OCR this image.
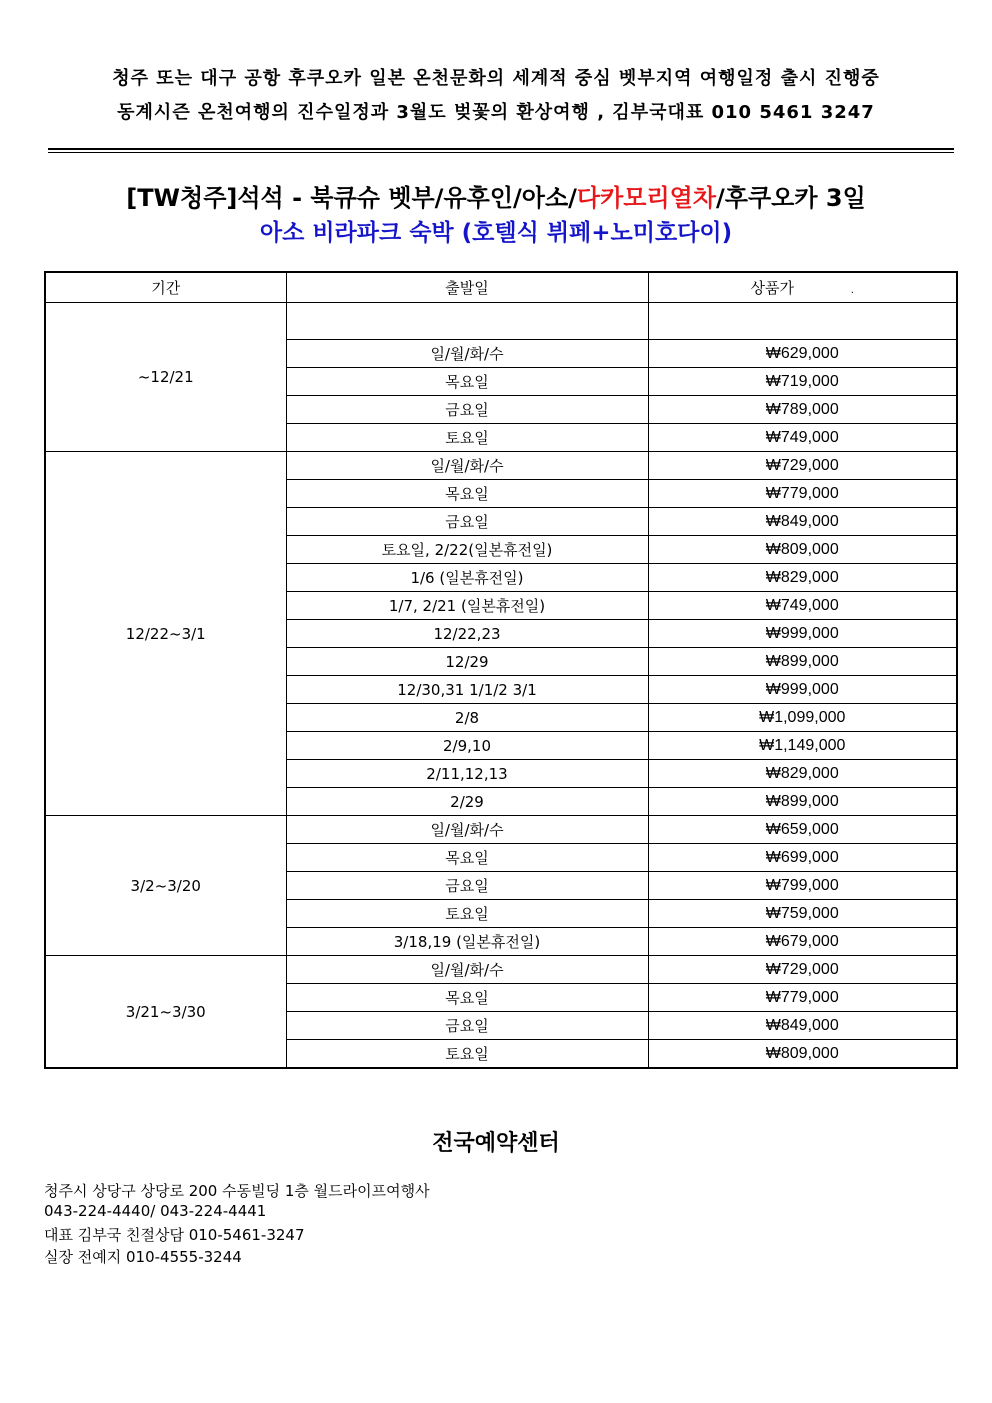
청주 또는 대구 공항 후쿠오카 일본 온천문화의 세계적 중심 벳부지역 여행일정 출시 진행중
동계시즌 온천여행의 진수일정과 3월도 벚꽃의 환상여행 , 김부국대표 010 5461 3247
[TW청주]석석 - 북큐슈 벳부/유후인/아소/다카모리열차/후쿠오카 3일
아소 비라파크 숙박 (호텔식 뷔페+노미호다이)
기간	출발일	상품가 .
~12/21		
	일/월/화/수	₩629,000
	목요일	₩719,000
	금요일	₩789,000
	토요일	₩749,000
12/22~3/1	일/월/화/수	₩729,000
	목요일	₩779,000
	금요일	₩849,000
	토요일, 2/22(일본휴전일)	₩809,000
	1/6 (일본휴전일)	₩829,000
	1/7, 2/21 (일본휴전일)	₩749,000
	12/22,23	₩999,000
	12/29	₩899,000
	12/30,31 1/1/2 3/1	₩999,000
	2/8	₩1,099,000
	2/9,10	₩1,149,000
	2/11,12,13	₩829,000
	2/29	₩899,000
3/2~3/20	일/월/화/수	₩659,000
	목요일	₩699,000
	금요일	₩799,000
	토요일	₩759,000
	3/18,19 (일본휴전일)	₩679,000
3/21~3/30	일/월/화/수	₩729,000
	목요일	₩779,000
	금요일	₩849,000
	토요일	₩809,000
전국예약센터
청주시 상당구 상당로 200 수동빌딩 1층 월드라이프여행사
043-224-4440/ 043-224-4441
대표 김부국 친절상담 010-5461-3247
실장 전예지 010-4555-3244
